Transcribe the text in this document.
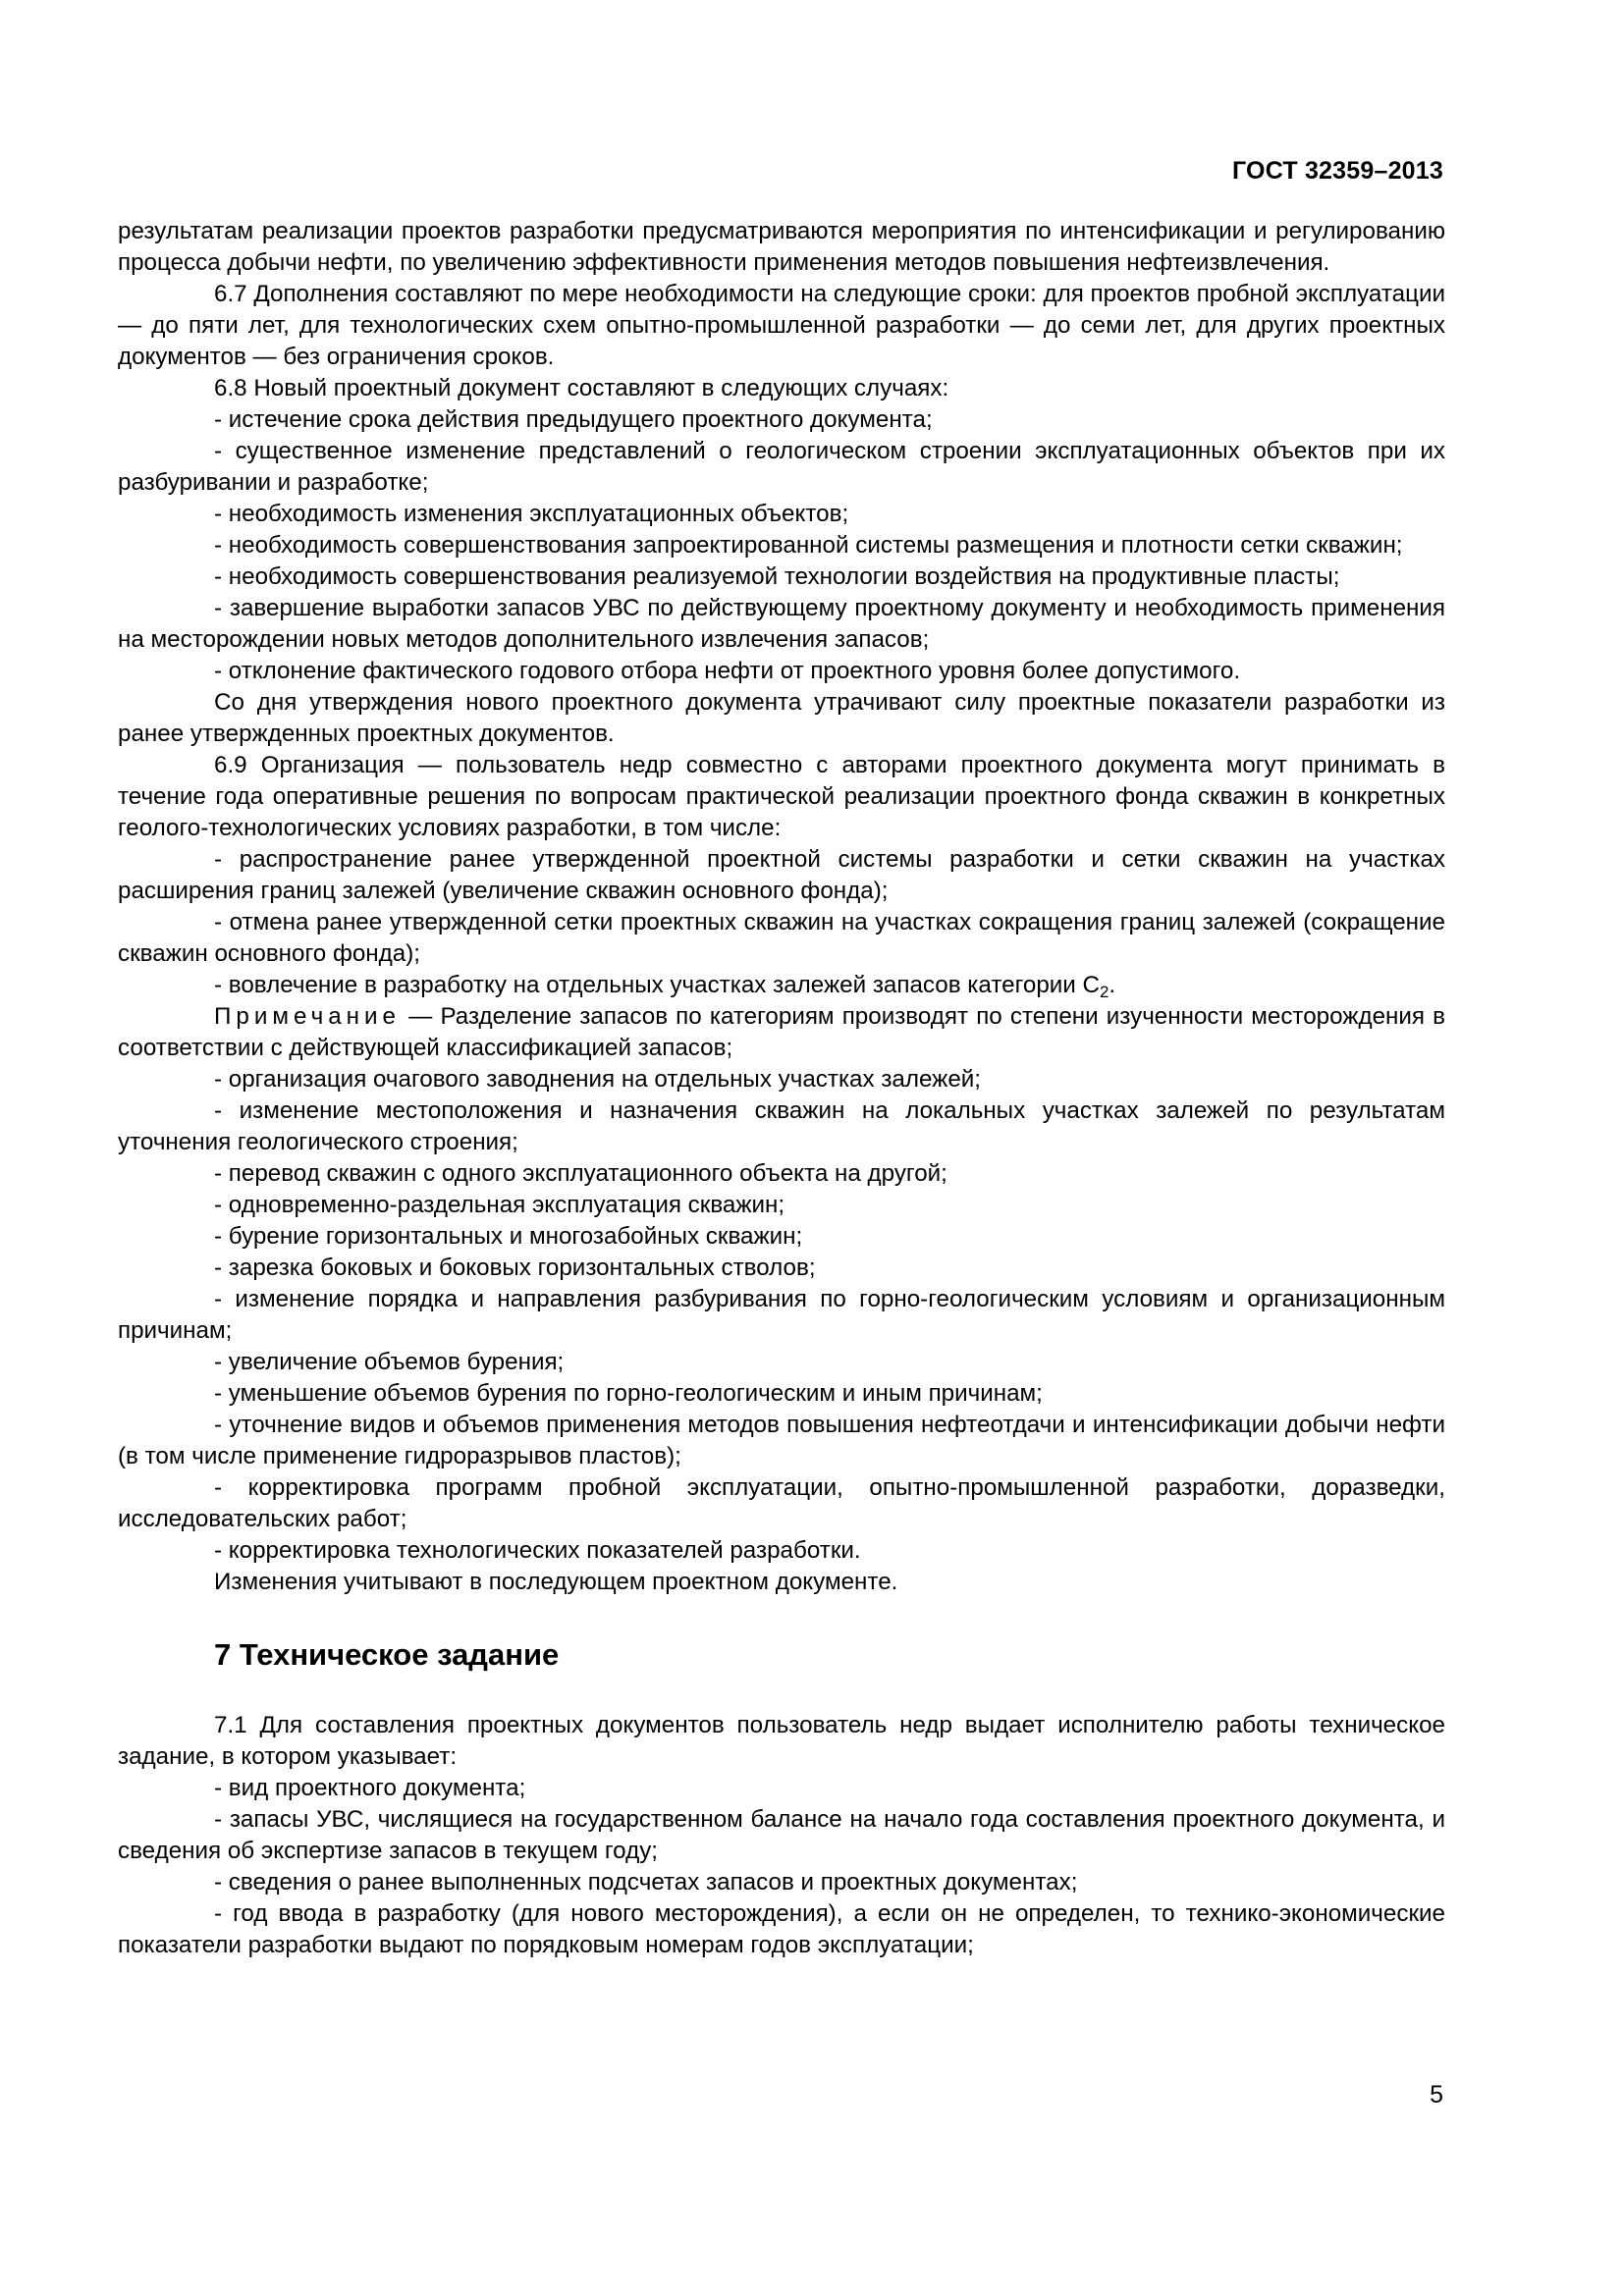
ГОСТ 32359–2013

результатам реализации проектов разработки предусматриваются мероприятия по интенсификации и регулированию процесса добычи нефти, по увеличению эффективности применения методов повышения нефтеизвлечения.

6.7 Дополнения составляют по мере необходимости на следующие сроки: для проектов пробной эксплуатации — до пяти лет, для технологических схем опытно-промышленной разработки — до семи лет, для других проектных документов — без ограничения сроков.

6.8 Новый проектный документ составляют в следующих случаях:

- истечение срока действия предыдущего проектного документа;

- существенное изменение представлений о геологическом строении эксплуатационных объектов при их разбуривании и разработке;

- необходимость изменения эксплуатационных объектов;

- необходимость совершенствования запроектированной системы размещения и плотности сетки скважин;

- необходимость совершенствования реализуемой технологии воздействия на продуктивные пласты;

- завершение выработки запасов УВС по действующему проектному документу и необходимость применения на месторождении новых методов дополнительного извлечения запасов;

- отклонение фактического годового отбора нефти от проектного уровня более допустимого.

Со дня утверждения нового проектного документа утрачивают силу проектные показатели разработки из ранее утвержденных проектных документов.

6.9 Организация — пользователь недр совместно с авторами проектного документа могут принимать в течение года оперативные решения по вопросам практической реализации проектного фонда скважин в конкретных геолого-технологических условиях разработки, в том числе:

- распространение ранее утвержденной проектной системы разработки и сетки скважин на участках расширения границ залежей (увеличение скважин основного фонда);

- отмена ранее утвержденной сетки проектных скважин на участках сокращения границ залежей (сокращение скважин основного фонда);

- вовлечение в разработку на отдельных участках залежей запасов категории $С_2$.

Примечание — Разделение запасов по категориям производят по степени изученности месторождения в соответствии с действующей классификацией запасов;

- организация очагового заводнения на отдельных участках залежей;

- изменение местоположения и назначения скважин на локальных участках залежей по результатам уточнения геологического строения;

- перевод скважин с одного эксплуатационного объекта на другой;

- одновременно-раздельная эксплуатация скважин;

- бурение горизонтальных и многозабойных скважин;

- зарезка боковых и боковых горизонтальных стволов;

- изменение порядка и направления разбуривания по горно-геологическим условиям и организационным причинам;

- увеличение объемов бурения;

- уменьшение объемов бурения по горно-геологическим и иным причинам;

- уточнение видов и объемов применения методов повышения нефтеотдачи и интенсификации добычи нефти (в том числе применение гидроразрывов пластов);

- корректировка программ пробной эксплуатации, опытно-промышленной разработки, доразведки, исследовательских работ;

- корректировка технологических показателей разработки.

Изменения учитывают в последующем проектном документе.

7 Техническое задание

7.1 Для составления проектных документов пользователь недр выдает исполнителю работы техническое задание, в котором указывает:

- вид проектного документа;

- запасы УВС, числящиеся на государственном балансе на начало года составления проектного документа, и сведения об экспертизе запасов в текущем году;

- сведения о ранее выполненных подсчетах запасов и проектных документах;

- год ввода в разработку (для нового месторождения), а если он не определен, то технико-экономические показатели разработки выдают по порядковым номерам годов эксплуатации;

5
